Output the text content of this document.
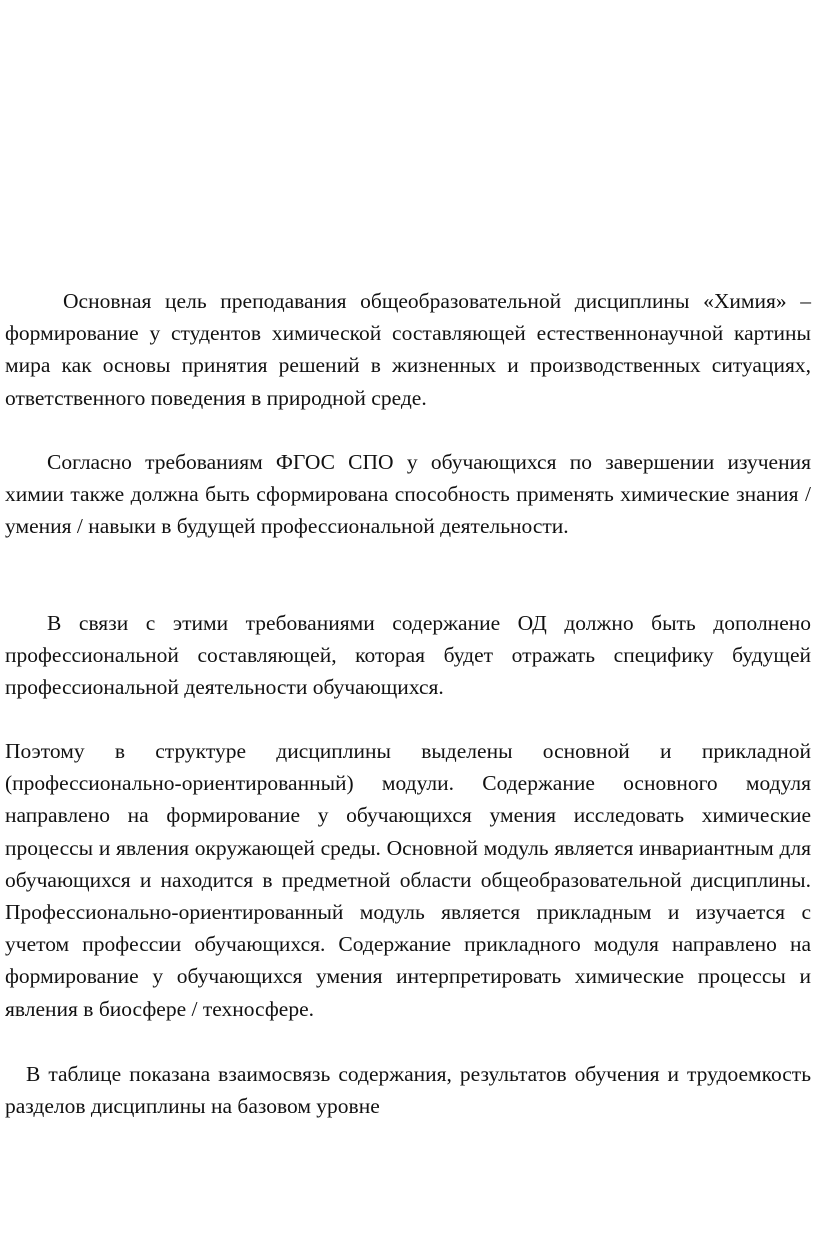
Основная цель преподавания общеобразовательной дисциплины «Химия» – формирование у студентов химической составляющей естественнонаучной картины мира как основы принятия решений в жизненных и производственных ситуациях, ответственного поведения в природной среде.

Согласно требованиям ФГОС СПО у обучающихся по завершении изучения химии также должна быть сформирована способность применять химические знания / умения / навыки в будущей профессиональной деятельности.

В связи с этими требованиями содержание ОД должно быть дополнено профессиональной составляющей, которая будет отражать специфику будущей профессиональной деятельности обучающихся.

Поэтому в структуре дисциплины выделены основной и прикладной (профессионально-ориентированный) модули. Содержание основного модуля направлено на формирование у обучающихся умения исследовать химические процессы и явления окружающей среды. Основной модуль является инвариантным для обучающихся и находится в предметной области общеобразовательной дисциплины. Профессионально-ориентированный модуль является прикладным и изучается с учетом профессии обучающихся. Содержание прикладного модуля направлено на формирование у обучающихся умения интерпретировать химические процессы и явления в биосфере / техносфере.

В таблице показана взаимосвязь содержания, результатов обучения и трудоемкость разделов дисциплины на базовом уровне
